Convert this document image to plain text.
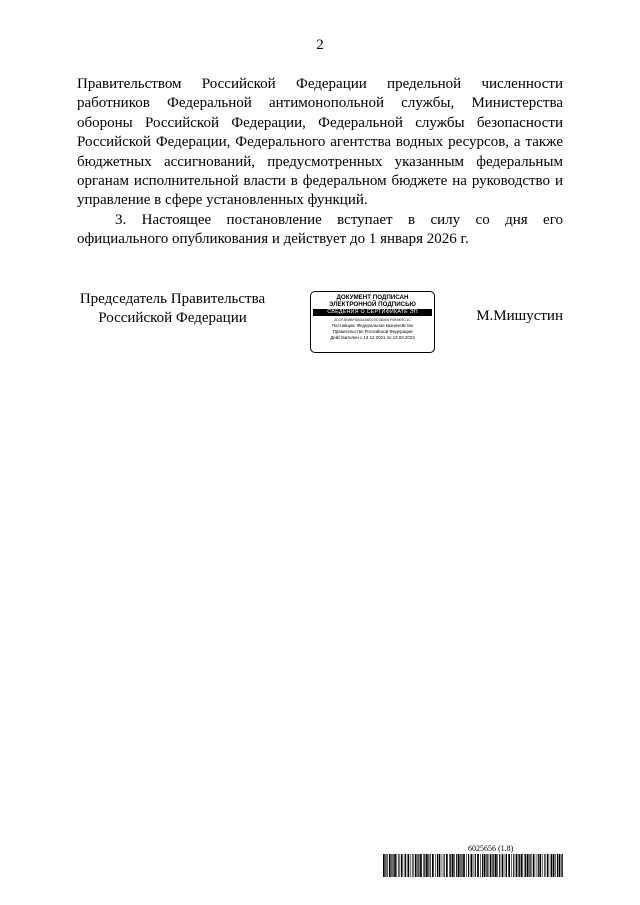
2

Правительством Российской Федерации предельной численности работников Федеральной антимонопольной службы, Министерства обороны Российской Федерации, Федеральной службы безопасности Российской Федерации, Федерального агентства водных ресурсов, а также бюджетных ассигнований, предусмотренных указанным федеральным органам исполнительной власти в федеральном бюджете на руководство и управление в сфере установленных функций.

3. Настоящее постановление вступает в силу со дня его официального опубликования и действует до 1 января 2026 г.

Председатель Правительства
Российской Федерации
ДОКУМЕНТ ПОДПИСАН
ЭЛЕКТРОННОЙ ПОДПИСЬЮ
СВЕДЕНИЯ О СЕРТИФИКАТЕ ЭП
2D1F3E6BF8AD4A6D70C0A591F0B9E5C1C
Поставщик: Федеральное казначейство
Правительство Российской Федерации
Действителен с 13.12.2021 по 13.03.2023
М.Мишустин
6025656 (1.8)
